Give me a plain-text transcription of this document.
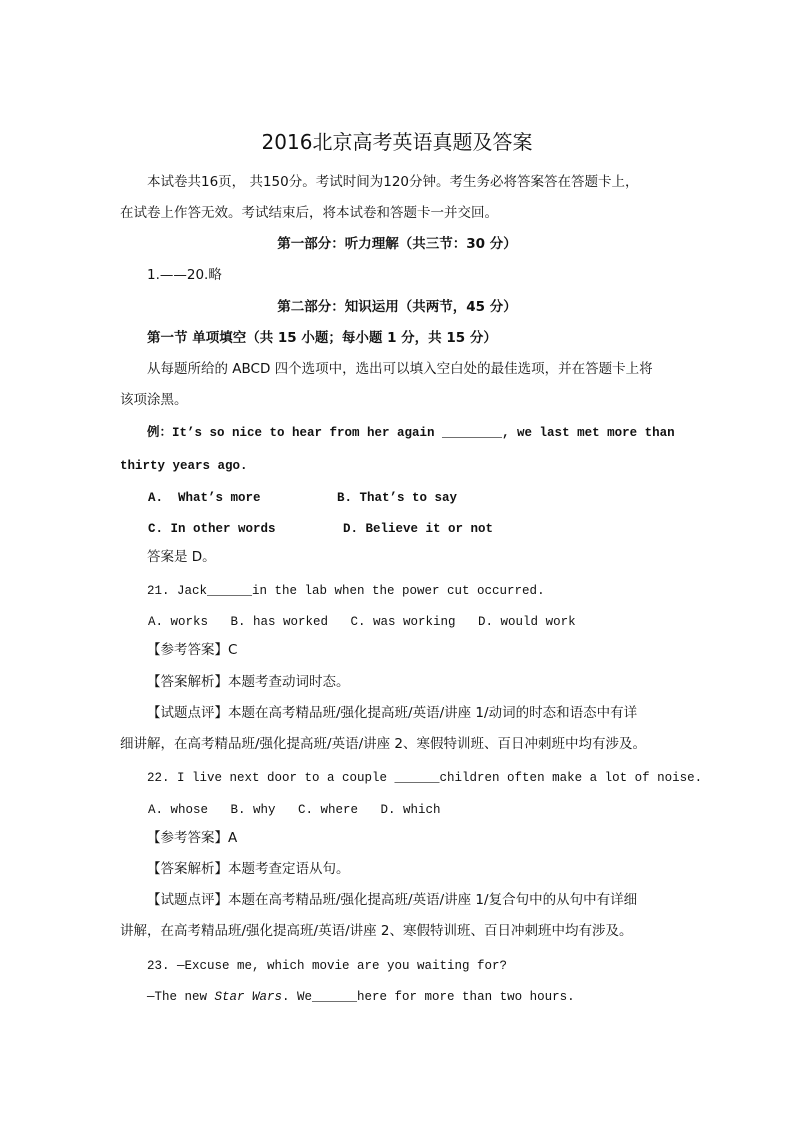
2016北京高考英语真题及答案
本试卷共16页， 共150分。考试时间为120分钟。考生务必将答案答在答题卡上，
在试卷上作答无效。考试结束后，将本试卷和答题卡一并交回。
第一部分：听力理解（共三节：30 分）
1.——20.略
第二部分：知识运用（共两节，45 分）
第一节 单项填空（共 15 小题；每小题 1 分，共 15 分）
从每题所给的 ABCD 四个选项中，选出可以填入空白处的最佳选项，并在答题卡上将
该项涂黑。
例：It’s so nice to hear from her again ________, we last met more than
thirty years ago.
A.  What’s more	B. That’s to say
C. In other words	D. Believe it or not
答案是 D。
21. Jack______in the lab when the power cut occurred.
A. works   B. has worked   C. was working   D. would work
【参考答案】C
【答案解析】本题考查动词时态。
【试题点评】本题在高考精品班/强化提高班/英语/讲座 1/动词的时态和语态中有详
细讲解，在高考精品班/强化提高班/英语/讲座 2、寒假特训班、百日冲刺班中均有涉及。
22. I live next door to a couple ______children often make a lot of noise.
A. whose   B. why   C. where   D. which
【参考答案】A
【答案解析】本题考查定语从句。
【试题点评】本题在高考精品班/强化提高班/英语/讲座 1/复合句中的从句中有详细
讲解，在高考精品班/强化提高班/英语/讲座 2、寒假特训班、百日冲刺班中均有涉及。
23. —Excuse me, which movie are you waiting for?
—The new Star Wars. We______here for more than two hours.
